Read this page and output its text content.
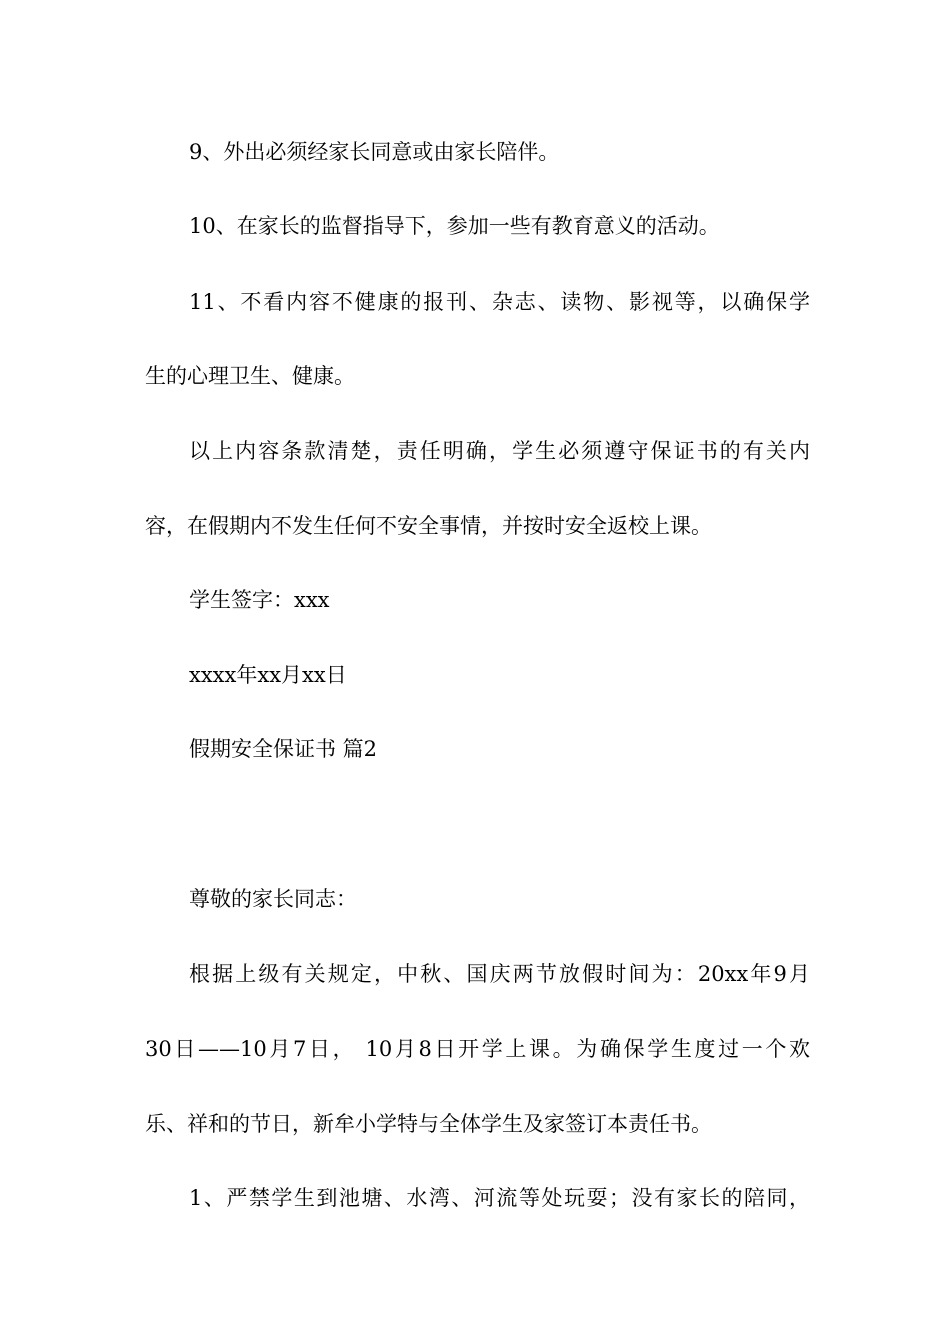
9、外出必须经家长同意或由家长陪伴。
10、在家长的监督指导下，参加一些有教育意义的活动。
11、不看内容不健康的报刊、杂志、读物、影视等，以确保学
生的心理卫生、健康。
以上内容条款清楚，责任明确，学生必须遵守保证书的有关内
容，在假期内不发生任何不安全事情，并按时安全返校上课。
学生签字：xxx
xxxx年xx月xx日
假期安全保证书 篇2
尊敬的家长同志：
根据上级有关规定，中秋、国庆两节放假时间为：20xx年9月
30日——10月7日， 10月8日开学上课。为确保学生度过一个欢
乐、祥和的节日，新牟小学特与全体学生及家签订本责任书。
1、严禁学生到池塘、水湾、河流等处玩耍；没有家长的陪同，
